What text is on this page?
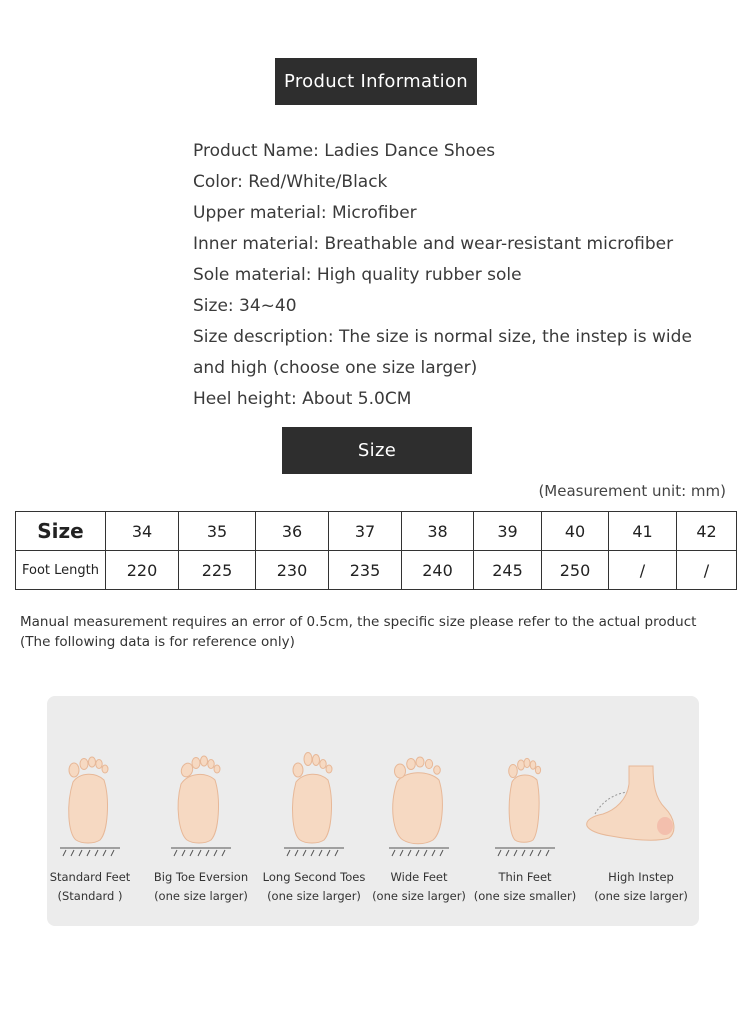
Product Information
Product Name: Ladies Dance Shoes
Color: Red/White/Black
Upper material: Microfiber
Inner material: Breathable and wear-resistant microfiber
Sole material: High quality rubber sole
Size: 34~40
Size description: The size is normal size, the instep is wide
and high (choose one size larger)
Heel height: About 5.0CM
Size
(Measurement unit: mm)
Size	34	35	36	37	38	39	40	41	42
Foot Length	220	225	230	235	240	245	250	/	/
Manual measurement requires an error of 0.5cm, the specific size please refer to the actual product (The following data is for reference only)
Standard Feet
(Standard )
Big Toe Eversion
(one size larger)
Long Second Toes
(one size larger)
Wide Feet
(one size larger)
Thin Feet
(one size smaller)
High Instep
(one size larger)
